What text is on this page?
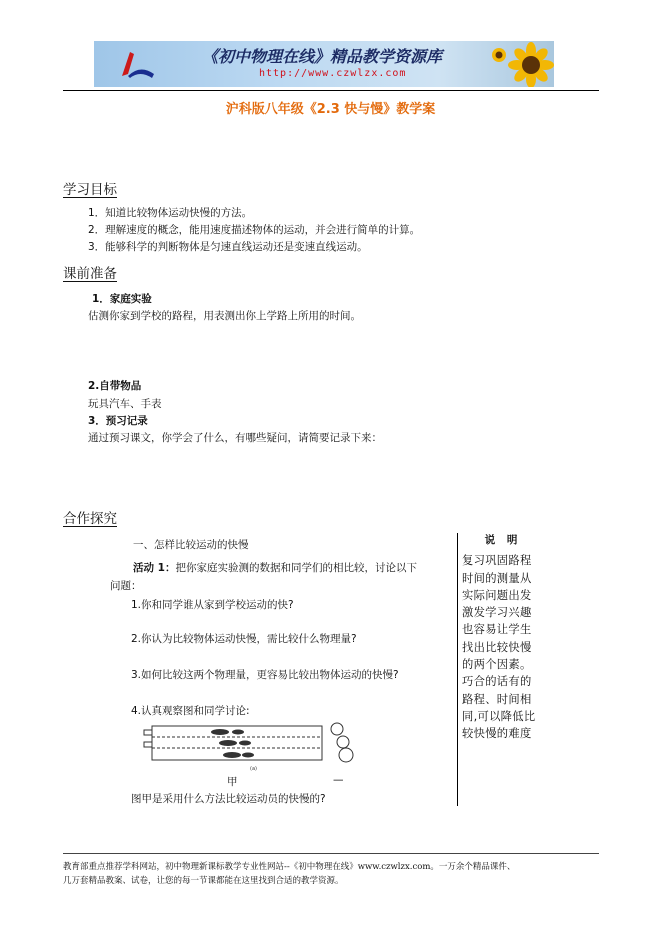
《初中物理在线》精品教学资源库
http://www.czwlzx.com
沪科版八年级《2.3 快与慢》教学案
学习目标
1．知道比较物体运动快慢的方法。
2．理解速度的概念，能用速度描述物体的运动，并会进行简单的计算。
3．能够科学的判断物体是匀速直线运动还是变速直线运动。
课前准备
1．家庭实验
估测你家到学校的路程，用表测出你上学路上所用的时间。
2.自带物品
玩具汽车、手表
3．预习记录
通过预习课文，你学会了什么，有哪些疑问，请简要记录下来：
合作探究
一、怎样比较运动的快慢
活动 1：把你家庭实验测的数据和同学们的相比较，讨论以下
问题：
1.你和同学谁从家到学校运动的快?
2.你认为比较物体运动快慢，需比较什么物理量?
3.如何比较这两个物理量，更容易比较出物体运动的快慢?
4.认真观察图和同学讨论:
(a)
甲	—
图甲是采用什么方法比较运动员的快慢的?
说 明
复习巩固路程
时间的测量从
实际问题出发
激发学习兴趣
也容易让学生
找出比较快慢
的两个因素。
巧合的话有的
路程、时间相
同,可以降低比
较快慢的难度
教育部重点推荐学科网站，初中物理新课标教学专业性网站--《初中物理在线》www.czwlzx.com。一万余个精品课件、
几万套精品教案、试卷，让您的每一节课都能在这里找到合适的教学资源。
